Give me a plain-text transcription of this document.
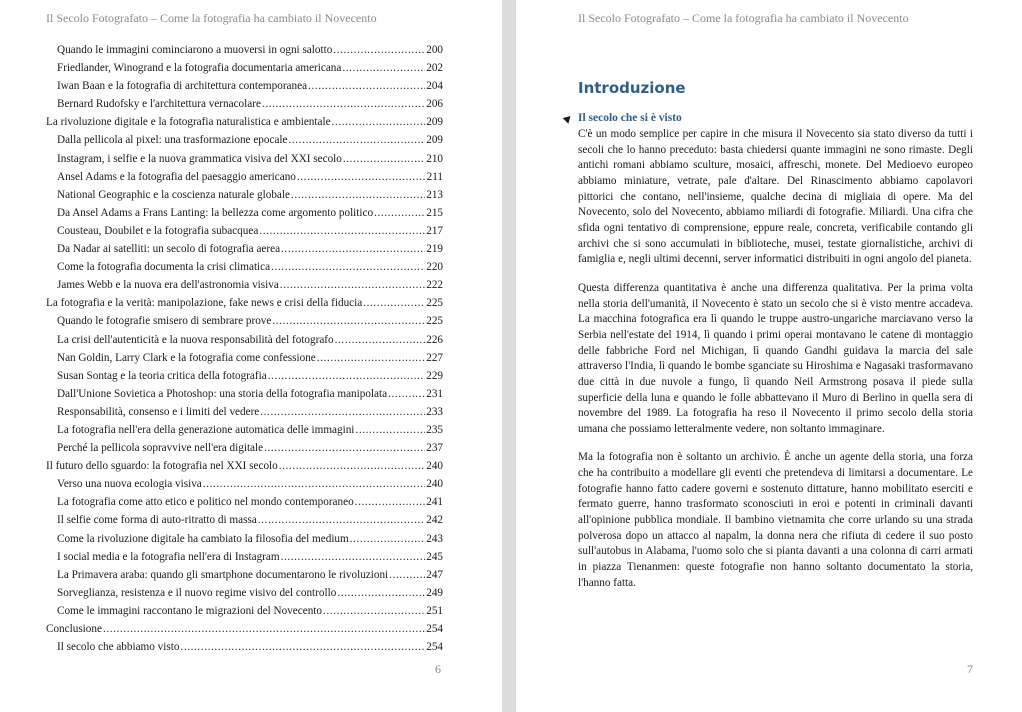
Il Secolo Fotografato – Come la fotografia ha cambiato il Novecento
Quando le immagini cominciarono a muoversi in ogni salotto .....	200
Friedlander, Winogrand e la fotografia documentaria americana .....	202
Iwan Baan e la fotografia di architettura contemporanea .....	204
Bernard Rudofsky e l'architettura vernacolare .....	206
La rivoluzione digitale e la fotografia naturalistica e ambientale .....	209
Dalla pellicola al pixel: una trasformazione epocale .....	209
Instagram, i selfie e la nuova grammatica visiva del XXI secolo .....	210
Ansel Adams e la fotografia del paesaggio americano .....	211
National Geographic e la coscienza naturale globale .....	213
Da Ansel Adams a Frans Lanting: la bellezza come argomento politico .....	215
Cousteau, Doubilet e la fotografia subacquea .....	217
Da Nadar ai satelliti: un secolo di fotografia aerea .....	219
Come la fotografia documenta la crisi climatica .....	220
James Webb e la nuova era dell'astronomia visiva .....	222
La fotografia e la verità: manipolazione, fake news e crisi della fiducia .....	225
Quando le fotografie smisero di sembrare prove .....	225
La crisi dell'autenticità e la nuova responsabilità del fotografo .....	226
Nan Goldin, Larry Clark e la fotografia come confessione .....	227
Susan Sontag e la teoria critica della fotografia .....	229
Dall'Unione Sovietica a Photoshop: una storia della fotografia manipolata .....	231
Responsabilità, consenso e i limiti del vedere .....	233
La fotografia nell'era della generazione automatica delle immagini .....	235
Perché la pellicola sopravvive nell'era digitale .....	237
Il futuro dello sguardo: la fotografia nel XXI secolo .....	240
Verso una nuova ecologia visiva .....	240
La fotografia come atto etico e politico nel mondo contemporaneo .....	241
Il selfie come forma di auto-ritratto di massa .....	242
Come la rivoluzione digitale ha cambiato la filosofia del medium .....	243
I social media e la fotografia nell'era di Instagram .....	245
La Primavera araba: quando gli smartphone documentarono le rivoluzioni .....	247
Sorveglianza, resistenza e il nuovo regime visivo del controllo .....	249
Come le immagini raccontano le migrazioni del Novecento .....	251
Conclusione .....	254
Il secolo che abbiamo visto .....	254
6
Il Secolo Fotografato – Come la fotografia ha cambiato il Novecento
Introduzione
Il secolo che si è visto

C'è un modo semplice per capire in che misura il Novecento sia stato diverso da tutti i secoli che lo hanno preceduto: basta chiedersi quante immagini ne sono rimaste. Degli antichi romani abbiamo sculture, mosaici, affreschi, monete. Del Medioevo europeo abbiamo miniature, vetrate, pale d'altare. Del Rinascimento abbiamo capolavori pittorici che contano, nell'insieme, qualche decina di migliaia di opere. Ma del Novecento, solo del Novecento, abbiamo miliardi di fotografie. Miliardi. Una cifra che sfida ogni tentativo di comprensione, eppure reale, concreta, verificabile contando gli archivi che si sono accumulati in biblioteche, musei, testate giornalistiche, archivi di famiglia e, negli ultimi decenni, server informatici distribuiti in ogni angolo del pianeta.

Questa differenza quantitativa è anche una differenza qualitativa. Per la prima volta nella storia dell'umanità, il Novecento è stato un secolo che si è visto mentre accadeva. La macchina fotografica era lì quando le truppe austro-ungariche marciavano verso la Serbia nell'estate del 1914, lì quando i primi operai montavano le catene di montaggio delle fabbriche Ford nel Michigan, lì quando Gandhi guidava la marcia del sale attraverso l'India, lì quando le bombe sganciate su Hiroshima e Nagasaki trasformavano due città in due nuvole a fungo, lì quando Neil Armstrong posava il piede sulla superficie della luna e quando le folle abbattevano il Muro di Berlino in quella sera di novembre del 1989. La fotografia ha reso il Novecento il primo secolo della storia umana che possiamo letteralmente vedere, non soltanto immaginare.

Ma la fotografia non è soltanto un archivio. È anche un agente della storia, una forza che ha contribuito a modellare gli eventi che pretendeva di limitarsi a documentare. Le fotografie hanno fatto cadere governi e sostenuto dittature, hanno mobilitato eserciti e fermato guerre, hanno trasformato sconosciuti in eroi e potenti in criminali davanti all'opinione pubblica mondiale. Il bambino vietnamita che corre urlando su una strada polverosa dopo un attacco al napalm, la donna nera che rifiuta di cedere il suo posto sull'autobus in Alabama, l'uomo solo che si pianta davanti a una colonna di carri armati in piazza Tienanmen: queste fotografie non hanno soltanto documentato la storia, l'hanno fatta.

7
